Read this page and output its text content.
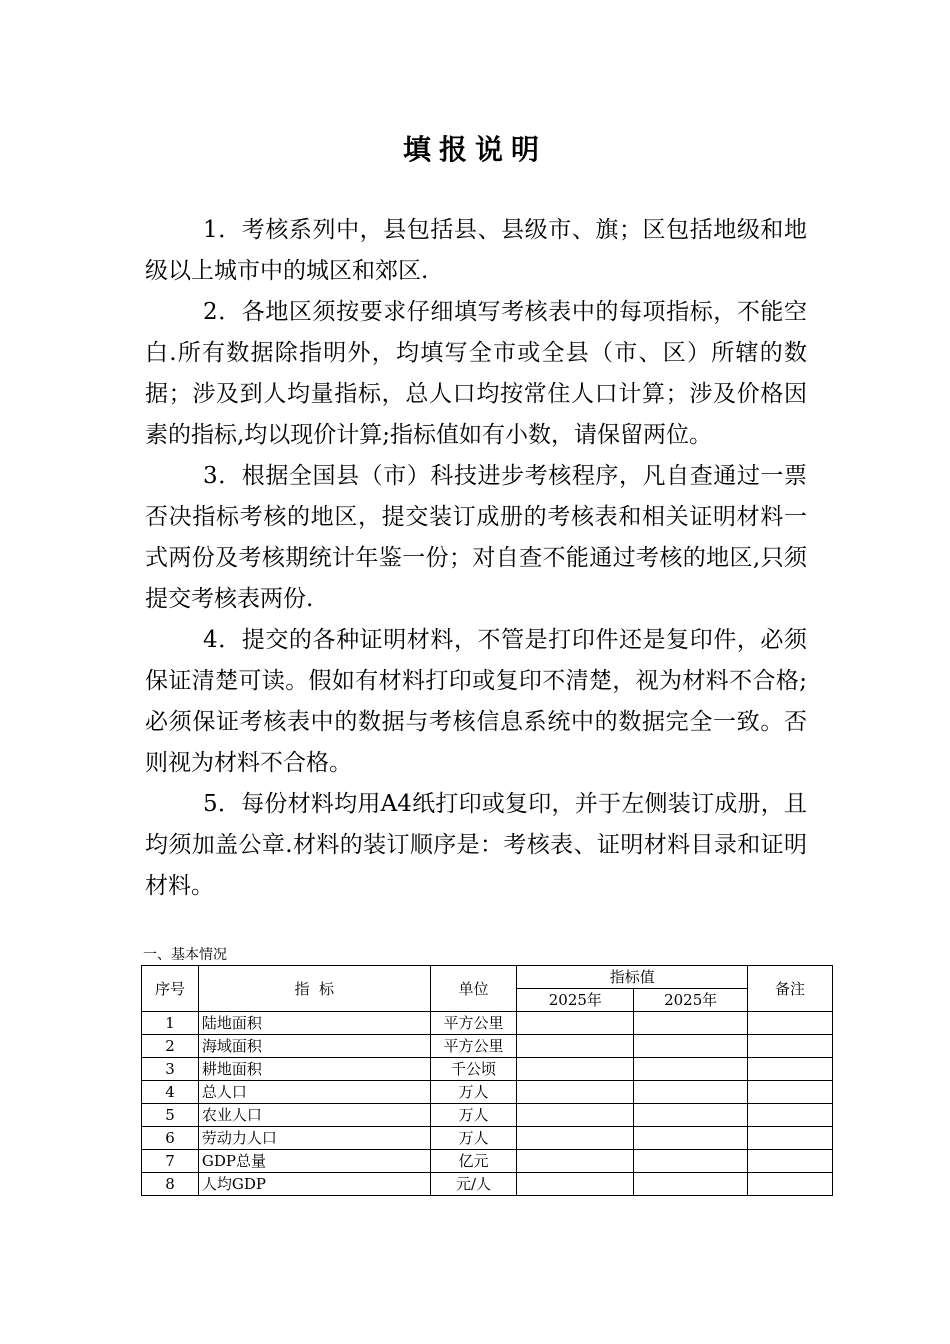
填报说明

1．考核系列中，县包括县、县级市、旗；区包括地级和地级以上城市中的城区和郊区.

2．各地区须按要求仔细填写考核表中的每项指标，不能空白.所有数据除指明外，均填写全市或全县（市、区）所辖的数据；涉及到人均量指标，总人口均按常住人口计算；涉及价格因素的指标,均以现价计算;指标值如有小数，请保留两位。

3．根据全国县（市）科技进步考核程序，凡自查通过一票否决指标考核的地区，提交装订成册的考核表和相关证明材料一式两份及考核期统计年鉴一份；对自查不能通过考核的地区,只须提交考核表两份.

4．提交的各种证明材料，不管是打印件还是复印件，必须保证清楚可读。假如有材料打印或复印不清楚，视为材料不合格;必须保证考核表中的数据与考核信息系统中的数据完全一致。否则视为材料不合格。

5．每份材料均用A4纸打印或复印，并于左侧装订成册，且均须加盖公章.材料的装订顺序是：考核表、证明材料目录和证明材料。

一、基本情况
序号	指  标	单位	指标值		备注
			2025年	2025年	
1	陆地面积	平方公里			
2	海域面积	平方公里			
3	耕地面积	千公顷			
4	总人口	万人			
5	农业人口	万人			
6	劳动力人口	万人			
7	GDP总量	亿元			
8	人均GDP	元/人			
